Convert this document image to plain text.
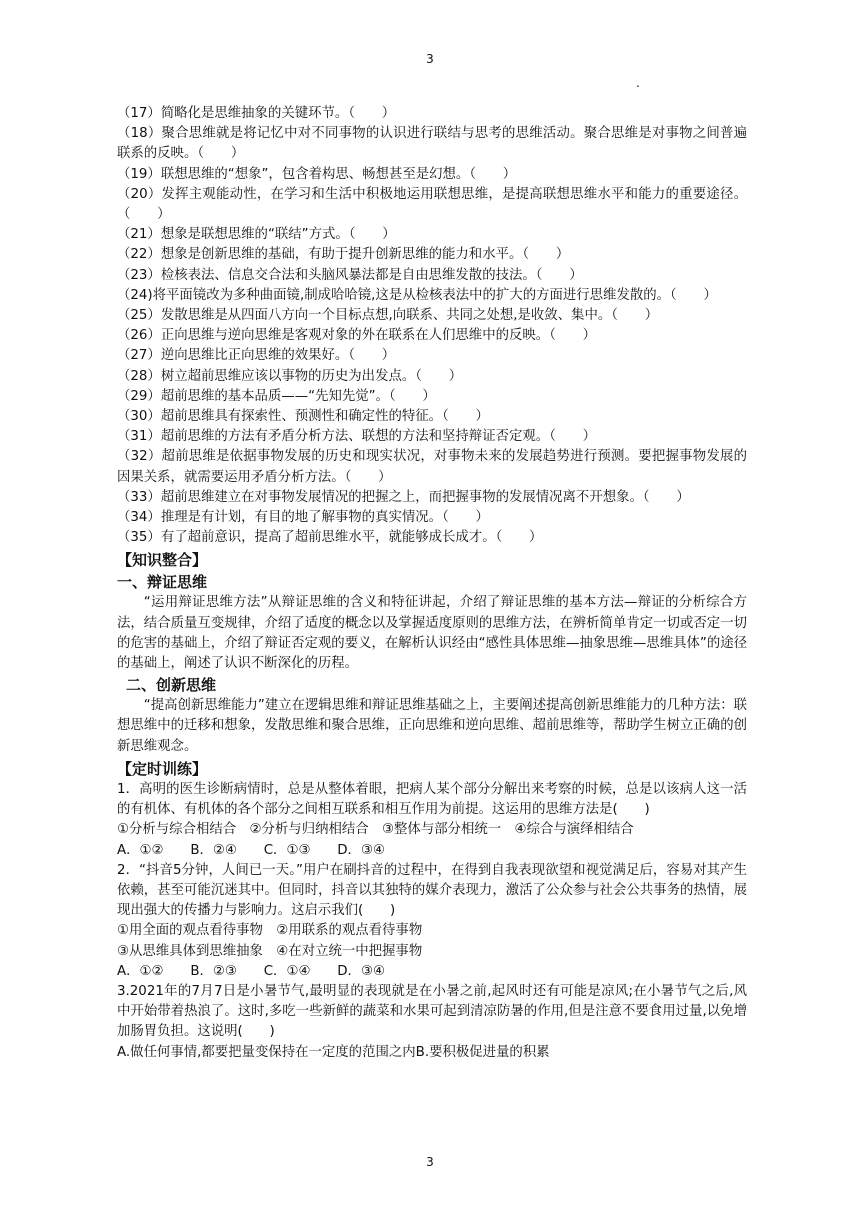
3
.

（17）简略化是思维抽象的关键环节。（　　）

（18）聚合思维就是将记忆中对不同事物的认识进行联结与思考的思维活动。聚合思维是对事物之间普遍联系的反映。（　　）

（19）联想思维的“想象”，包含着构思、畅想甚至是幻想。（　　）

（20）发挥主观能动性，在学习和生活中积极地运用联想思维，是提高联想思维水平和能力的重要途径。（　　）

（21）想象是联想思维的“联结”方式。（　　）

（22）想象是创新思维的基础，有助于提升创新思维的能力和水平。（　　）

（23）检核表法、信息交合法和头脑风暴法都是自由思维发散的技法。（　　）

（24)将平面镜改为多种曲面镜,制成哈哈镜,这是从检核表法中的扩大的方面进行思维发散的。（　　）

（25）发散思维是从四面八方向一个目标点想,向联系、共同之处想,是收敛、集中。（　　）

（26）正向思维与逆向思维是客观对象的外在联系在人们思维中的反映。（　　）

（27）逆向思维比正向思维的效果好。（　　）

（28）树立超前思维应该以事物的历史为出发点。（　　）

（29）超前思维的基本品质——“先知先觉”。（　　）

（30）超前思维具有探索性、预测性和确定性的特征。（　　）

（31）超前思维的方法有矛盾分析方法、联想的方法和坚持辩证否定观。（　　）

（32）超前思维是依据事物发展的历史和现实状况，对事物未来的发展趋势进行预测。要把握事物发展的因果关系，就需要运用矛盾分析方法。（　　）

（33）超前思维建立在对事物发展情况的把握之上，而把握事物的发展情况离不开想象。（　　）

（34）推理是有计划，有目的地了解事物的真实情况。（　　）

（35）有了超前意识，提高了超前思维水平，就能够成长成才。（　　）

【知识整合】
一、辩证思维

“运用辩证思维方法”从辩证思维的含义和特征讲起，介绍了辩证思维的基本方法—辩证的分析综合方法，结合质量互变规律，介绍了适度的概念以及掌握适度原则的思维方法，在辨析简单肯定一切或否定一切的危害的基础上，介绍了辩证否定观的要义，在解析认识经由“感性具体思维—抽象思维—思维具体”的途径的基础上，阐述了认识不断深化的历程。

二、创新思维

“提高创新思维能力”建立在逻辑思维和辩证思维基础之上，主要阐述提高创新思维能力的几种方法：联想思维中的迁移和想象，发散思维和聚合思维，正向思维和逆向思维、超前思维等，帮助学生树立正确的创新思维观念。

【定时训练】

1．高明的医生诊断病情时，总是从整体着眼，把病人某个部分分解出来考察的时候，总是以该病人这一活的有机体、有机体的各个部分之间相互联系和相互作用为前提。这运用的思维方法是(　　)

①分析与综合相结合　②分析与归纳相结合　③整体与部分相统一　④综合与演绎相结合

A．①②　　B．②④　　C．①③　　D．③④

2．“抖音5分钟，人间已一天。”用户在刷抖音的过程中，在得到自我表现欲望和视觉满足后，容易对其产生依赖，甚至可能沉迷其中。但同时，抖音以其独特的媒介表现力，激活了公众参与社会公共事务的热情，展现出强大的传播力与影响力。这启示我们(　　)

①用全面的观点看待事物　②用联系的观点看待事物

③从思维具体到思维抽象　④在对立统一中把握事物

A．①②　　B．②③　　C．①④　　D．③④

3.2021年的7月7日是小暑节气,最明显的表现就是在小暑之前,起风时还有可能是凉风;在小暑节气之后,风中开始带着热浪了。这时,多吃一些新鲜的蔬菜和水果可起到清凉防暑的作用,但是注意不要食用过量,以免增加肠胃负担。这说明(　　)

A.做任何事情,都要把量变保持在一定度的范围之内B.要积极促进量的积累

3
